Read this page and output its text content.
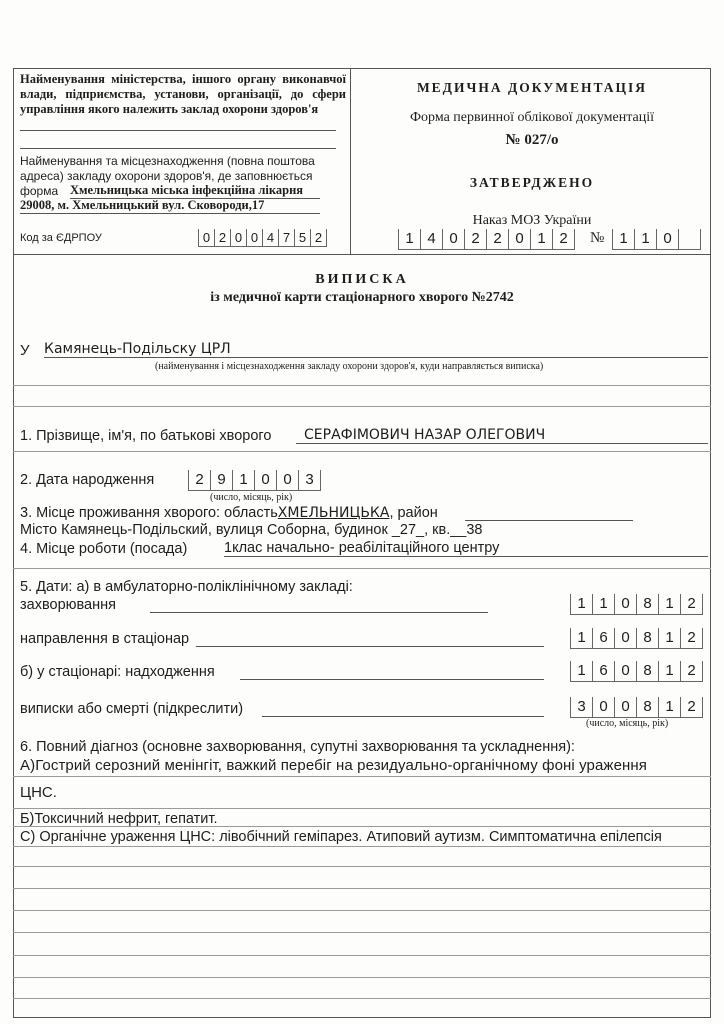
Найменування міністерства, іншого органу виконавчої влади, підприємства, установи, організації, до сфери управління якого належить заклад охорони здоров'я
Найменування та місцезнаходження (повна поштова адреса) закладу охорони здоров'я, де заповнюється форма Хмельницька міська інфекційна лікарня
29008, м. Хмельницький вул. Сковороди,17
Код за ЄДРПОУ	0 2 0 0 4 7 5 2
МЕДИЧНА ДОКУМЕНТАЦІЯ
Форма первинної облікової документації
№ 027/о
ЗАТВЕРДЖЕНО
Наказ МОЗ України
1 4 0 2 2 0 1 2	№	1 1 0
ВИПИСКА
із медичної карти стаціонарного хворого №2742
У Камянець-Подільску ЦРЛ
(найменування і місцезнаходження закладу охорони здоров'я, куди направляється виписка)
1. Прізвище, ім'я, по батькові хворого	СЕРАФІМОВИЧ НАЗАР ОЛЕГОВИЧ
2. Дата народження	2 9 1 0 0 3
(число, місяць, рік)
3. Місце проживання хворого: областьХМЕЛЬНИЦЬКА, район
Місто Камянець-Подільский, вулиця Соборна, будинок _27_, кв.__38
4. Місце роботи (посада)	1клас начально- реабілітаційного центру
5. Дати: а) в амбулаторно-поліклінічному закладі:
захворювання	1 1 0 8 1 2
направлення в стаціонар	1 6 0 8 1 2
б) у стаціонарі: надходження	1 6 0 8 1 2
виписки або смерті (підкреслити)	3 0 0 8 1 2
(число, місяць, рік)
6. Повний діагноз (основне захворювання, супутні захворювання та ускладнення):
А)Гострий серозний менінгіт, важкий перебіг на резидуально-органічному фоні ураження
ЦНС.
Б)Токсичний нефрит, гепатит.
С) Органічне ураження ЦНС: лівобічний геміпарез. Атиповий аутизм. Симптоматична епілепсія
